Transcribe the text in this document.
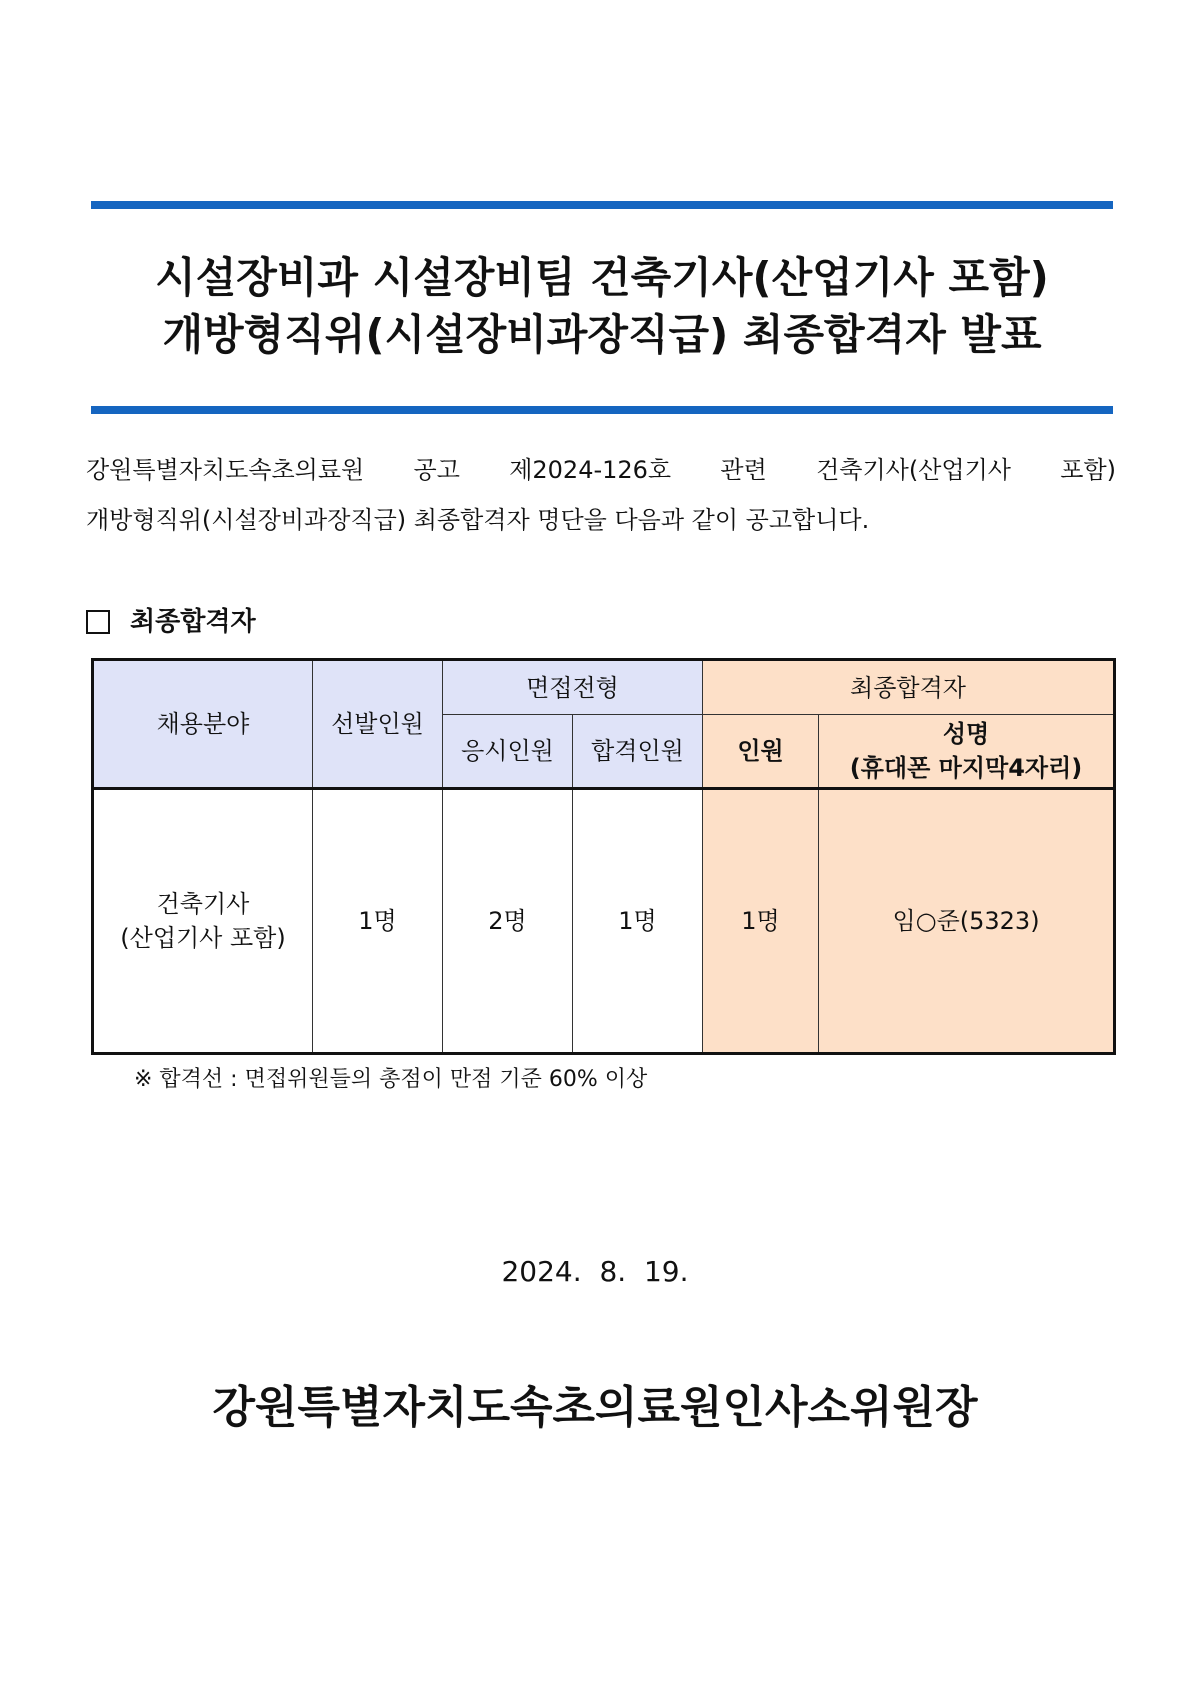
시설장비과 시설장비팀 건축기사(산업기사 포함)
개방형직위(시설장비과장직급) 최종합격자 발표
강원특별자치도속초의료원 공고 제2024-126호 관련 건축기사(산업기사 포함)
개방형직위(시설장비과장직급) 최종합격자 명단을 다음과 같이 공고합니다.
최종합격자
채용분야	선발인원	면접전형		최종합격자	
		응시인원	합격인원	인원	성명
(휴대폰 마지막4자리)

건축기사
(산업기사 포함)	1명	2명	1명	1명	임○준(5323)
※ 합격선 : 면접위원들의 총점이 만점 기준 60% 이상
2024.  8.  19.
강원특별자치도속초의료원인사소위원장
